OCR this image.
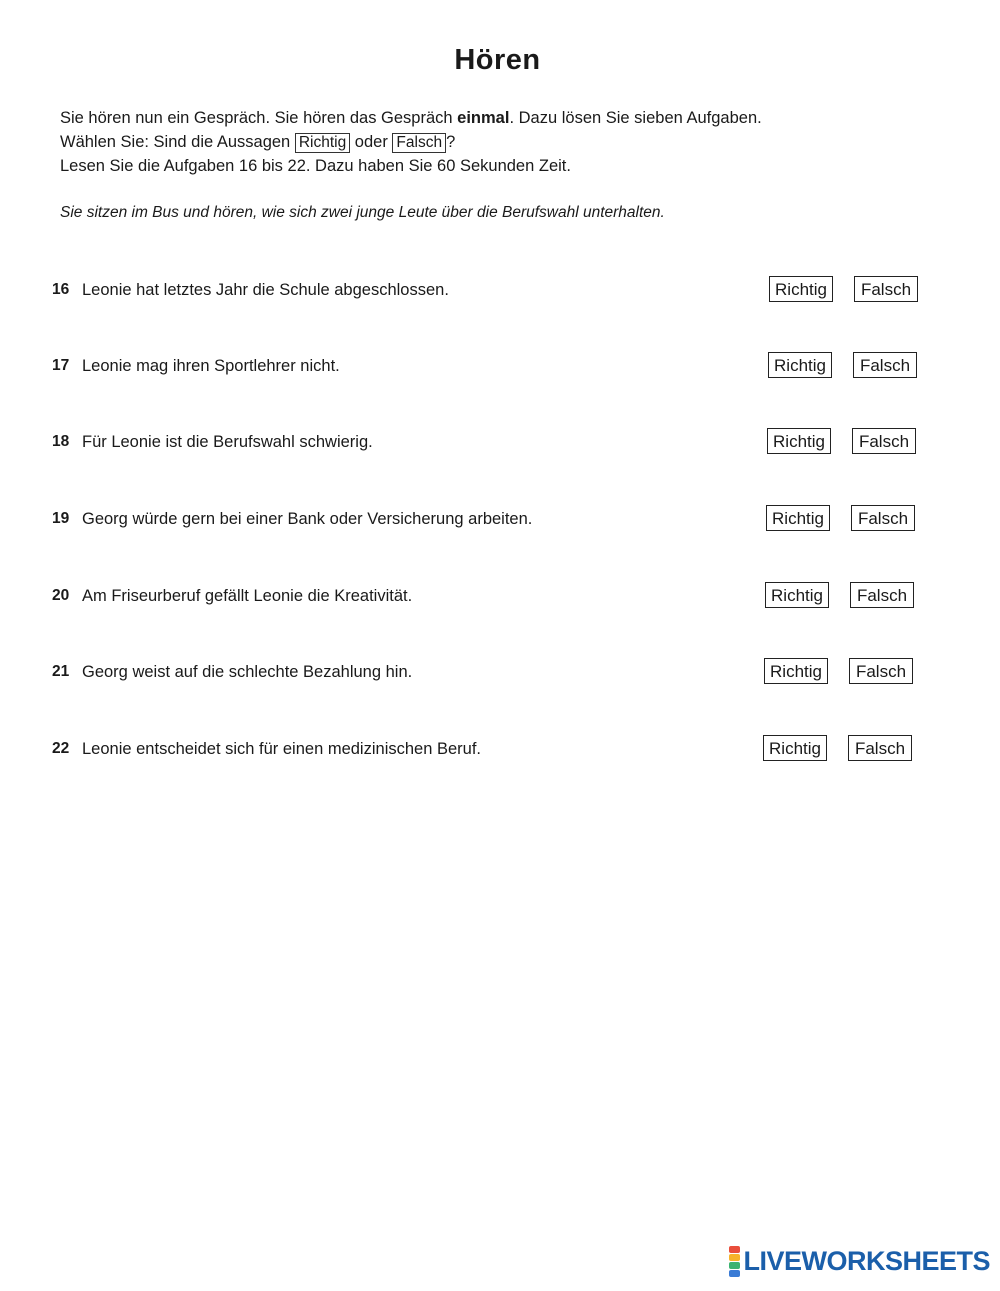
Hören
Sie hören nun ein Gespräch. Sie hören das Gespräch einmal. Dazu lösen Sie sieben Aufgaben.
Wählen Sie: Sind die Aussagen Richtig oder Falsch ?
Lesen Sie die Aufgaben 16 bis 22. Dazu haben Sie 60 Sekunden Zeit.
Sie sitzen im Bus und hören, wie sich zwei junge Leute über die Berufswahl unterhalten.
16 Leonie hat letztes Jahr die Schule abgeschlossen.	Richtig	Falsch
17 Leonie mag ihren Sportlehrer nicht.	Richtig	Falsch
18 Für Leonie ist die Berufswahl schwierig.	Richtig	Falsch
19 Georg würde gern bei einer Bank oder Versicherung arbeiten.	Richtig	Falsch
20 Am Friseurberuf gefällt Leonie die Kreativität.	Richtig	Falsch
21 Georg weist auf die schlechte Bezahlung hin.	Richtig	Falsch
22 Leonie entscheidet sich für einen medizinischen Beruf.	Richtig	Falsch
LIVEWORKSHEETS
